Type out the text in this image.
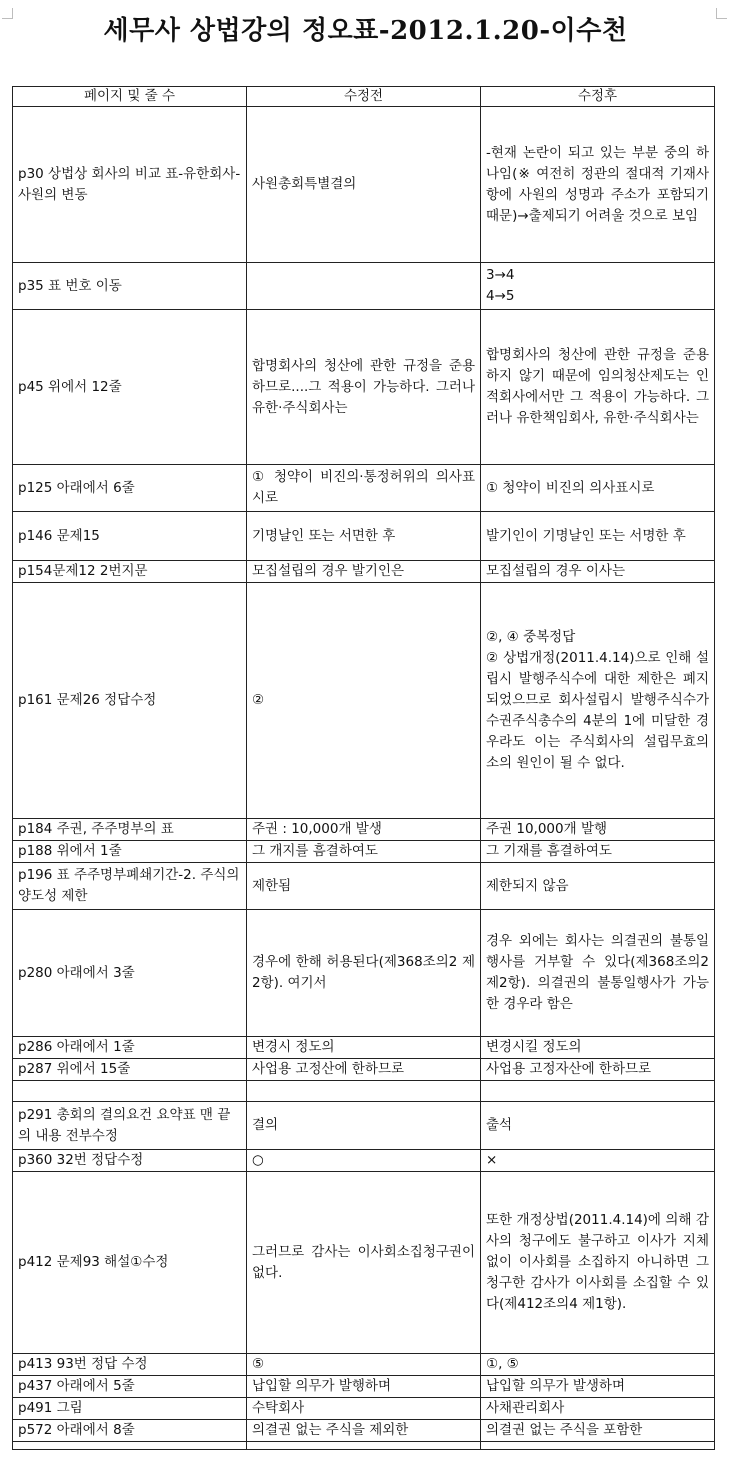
세무사 상법강의 정오표-2012.1.20-이수천
페이지 및 줄 수	수정전	수정후
p30 상법상 회사의 비교 표-유한회사-사원의 변동	사원총회특별결의	-현재 논란이 되고 있는 부분 중의 하나임(※ 여전히 정관의 절대적 기재사항에 사원의 성명과 주소가 포함되기 때문)→출제되기 어려울 것으로 보임
p35 표 번호 이동		3→4
4→5
p45 위에서 12줄	합명회사의 청산에 관한 규정을 준용하므로....그 적용이 가능하다. 그러나 유한·주식회사는	합명회사의 청산에 관한 규정을 준용하지 않기 때문에 임의청산제도는 인적회사에서만 그 적용이 가능하다. 그러나 유한책임회사, 유한·주식회사는
p125 아래에서 6줄	① 청약이 비진의·통정허위의 의사표시로	① 청약이 비진의 의사표시로
p146 문제15	기명날인 또는 서면한 후	발기인이 기명날인 또는 서명한 후
p154문제12 2번지문	모집설립의 경우 발기인은	모집설립의 경우 이사는
p161 문제26 정답수정	②	②, ④ 중복정답
② 상법개정(2011.4.14)으로 인해 설립시 발행주식수에 대한 제한은 폐지되었으므로 회사설립시 발행주식수가 수권주식총수의 4분의 1에 미달한 경우라도 이는 주식회사의 설립무효의 소의 원인이 될 수 없다.
p184 주권, 주주명부의 표	주권 : 10,000개 발생	주권 10,000개 발행
p188 위에서 1줄	그 개지를 흠결하여도	그 기재를 흠결하여도
p196 표 주주명부폐쇄기간-2. 주식의 양도성 제한	제한됨	제한되지 않음
p280 아래에서 3줄	경우에 한해 허용된다(제368조의2 제2항). 여기서	경우 외에는 회사는 의결권의 불통일행사를 거부할 수 있다(제368조의2 제2항). 의결권의 불통일행사가 가능한 경우라 함은
p286 아래에서 1줄	변경시 정도의	변경시킬 정도의
p287 위에서 15줄	사업용 고정산에 한하므로	사업용 고정자산에 한하므로

p291 총회의 결의요건 요약표 맨 끝의 내용 전부수정	결의	출석
p360 32번 정답수정	○	×
p412 문제93 해설①수정	그러므로 감사는 이사회소집청구권이 없다.	또한 개정상법(2011.4.14)에 의해 감사의 청구에도 불구하고 이사가 지체 없이 이사회를 소집하지 아니하면 그 청구한 감사가 이사회를 소집할 수 있다(제412조의4 제1항).
p413 93번 정답 수정	⑤	①, ⑤
p437 아래에서 5줄	납입할 의무가 발행하며	납입할 의무가 발생하며
p491 그림	수탁회사	사채관리회사
p572 아래에서 8줄	의결권 없는 주식을 제외한	의결권 없는 주식을 포함한
